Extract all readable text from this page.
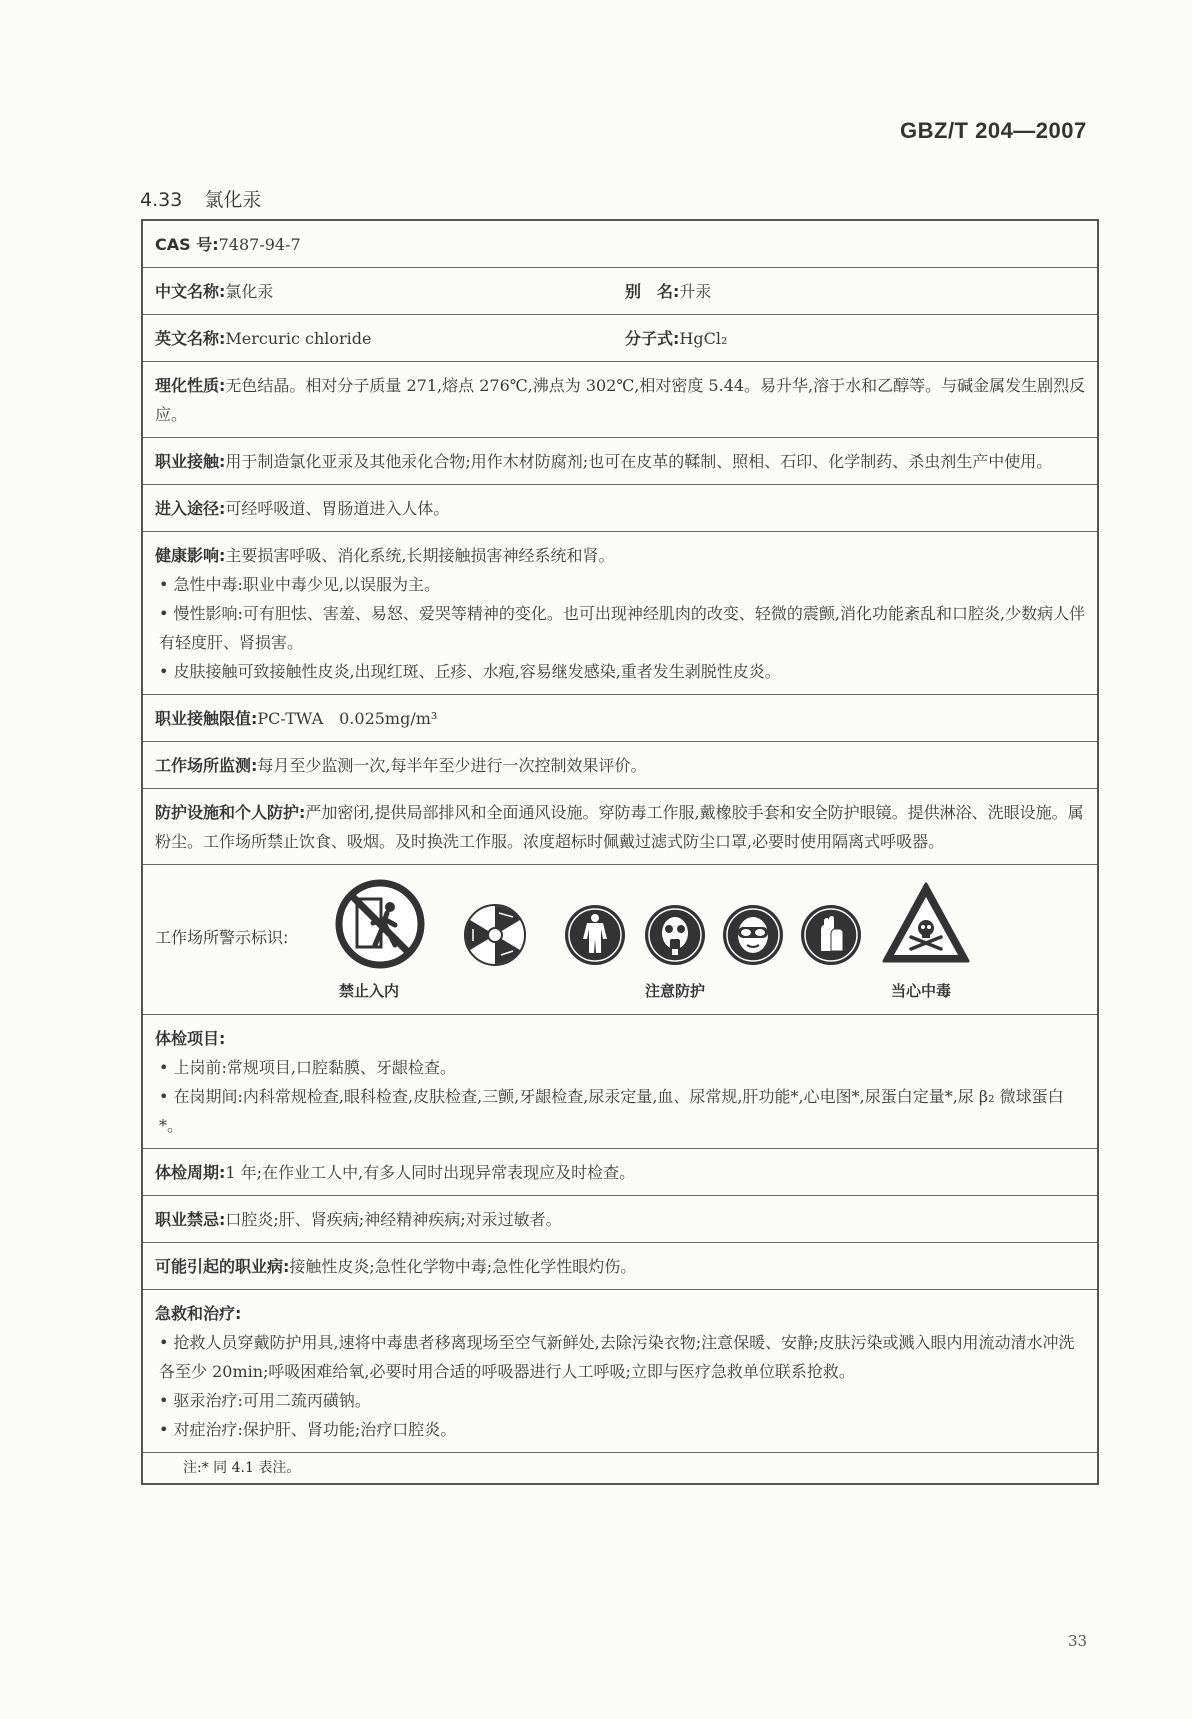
GBZ/T 204—2007
4.33 氯化汞
CAS 号:7487-94-7
中文名称:氯化汞	别　名:升汞
英文名称:Mercuric chloride	分子式:HgCl₂
理化性质:无色结晶。相对分子质量 271,熔点 276℃,沸点为 302℃,相对密度 5.44。易升华,溶于水和乙醇等。与碱金属发生剧烈反应。
职业接触:用于制造氯化亚汞及其他汞化合物;用作木材防腐剂;也可在皮革的鞣制、照相、石印、化学制药、杀虫剂生产中使用。
进入途径:可经呼吸道、胃肠道进入人体。
健康影响:主要损害呼吸、消化系统,长期接触损害神经系统和肾。
• 急性中毒:职业中毒少见,以误服为主。
• 慢性影响:可有胆怯、害羞、易怒、爱哭等精神的变化。也可出现神经肌肉的改变、轻微的震颤,消化功能紊乱和口腔炎,少数病人伴有轻度肝、肾损害。
• 皮肤接触可致接触性皮炎,出现红斑、丘疹、水疱,容易继发感染,重者发生剥脱性皮炎。
职业接触限值:PC-TWA　0.025mg/m³
工作场所监测:每月至少监测一次,每半年至少进行一次控制效果评价。
防护设施和个人防护:严加密闭,提供局部排风和全面通风设施。穿防毒工作服,戴橡胶手套和安全防护眼镜。提供淋浴、洗眼设施。属粉尘。工作场所禁止饮食、吸烟。及时换洗工作服。浓度超标时佩戴过滤式防尘口罩,必要时使用隔离式呼吸器。
工作场所警示标识:
禁止入内	注意防护	当心中毒
体检项目:
• 上岗前:常规项目,口腔黏膜、牙龈检查。
• 在岗期间:内科常规检查,眼科检查,皮肤检查,三颤,牙龈检查,尿汞定量,血、尿常规,肝功能*,心电图*,尿蛋白定量*,尿 β₂ 微球蛋白*。
体检周期:1 年;在作业工人中,有多人同时出现异常表现应及时检查。
职业禁忌:口腔炎;肝、肾疾病;神经精神疾病;对汞过敏者。
可能引起的职业病:接触性皮炎;急性化学物中毒;急性化学性眼灼伤。
急救和治疗:
• 抢救人员穿戴防护用具,速将中毒患者移离现场至空气新鲜处,去除污染衣物;注意保暖、安静;皮肤污染或溅入眼内用流动清水冲洗各至少 20min;呼吸困难给氧,必要时用合适的呼吸器进行人工呼吸;立即与医疗急救单位联系抢救。
• 驱汞治疗:可用二巯丙磺钠。
• 对症治疗:保护肝、肾功能;治疗口腔炎。
注:* 同 4.1 表注。
33
